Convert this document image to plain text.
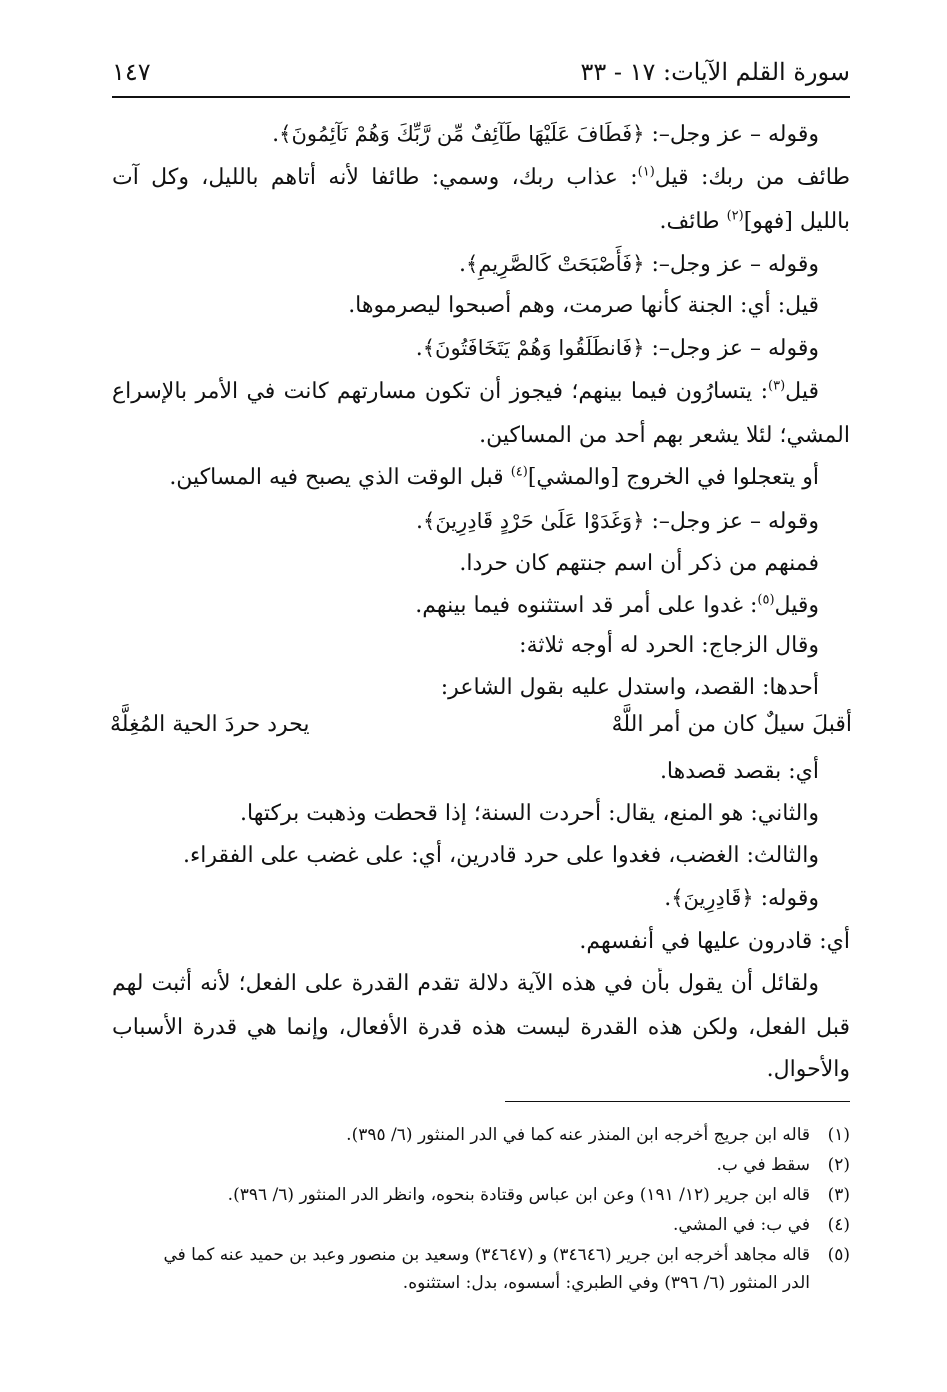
سورة القلم الآيات: ١٧ - ٣٣
١٤٧
وقوله – عز وجل–: ﴿فَطَافَ عَلَيْهَا طَآئِفٌ مِّن رَّبِّكَ وَهُمْ نَآئِمُونَ﴾.
طائف من ربك: قيل$^{(١)}$: عذاب ربك، وسمي: طائفا لأنه أتاهم بالليل، وكل آت
بالليل [فهو]$^{(٢)}$ طائف.
وقوله – عز وجل–: ﴿فَأَصْبَحَتْ كَالصَّرِيمِ﴾.
قيل: أي: الجنة كأنها صرمت، وهم أصبحوا ليصرموها.
وقوله – عز وجل–: ﴿فَانطَلَقُوا وَهُمْ يَتَخَافَتُونَ﴾.
قيل$^{(٣)}$: يتسارُون فيما بينهم؛ فيجوز أن تكون مسارتهم كانت في الأمر بالإسراع
المشي؛ لئلا يشعر بهم أحد من المساكين.
أو يتعجلوا في الخروج [والمشي]$^{(٤)}$ قبل الوقت الذي يصبح فيه المساكين.
وقوله – عز وجل–: ﴿وَغَدَوْا عَلَىٰ حَرْدٍ قَادِرِينَ﴾.
فمنهم من ذكر أن اسم جنتهم كان حردا.
وقيل$^{(٥)}$: غدوا على أمر قد استثنوه فيما بينهم.
وقال الزجاج: الحرد له أوجه ثلاثة:
أحدها: القصد، واستدل عليه بقول الشاعر:
أقبلَ سيلٌ كان من أمر اللَّهْ
يحرد حردَ الحية المُغِلَّهْ
أي: بقصد قصدها.
والثاني: هو المنع، يقال: أحردت السنة؛ إذا قحطت وذهبت بركتها.
والثالث: الغضب، فغدوا على حرد قادرين، أي: على غضب على الفقراء.
وقوله: ﴿قَادِرِينَ﴾.
أي: قادرون عليها في أنفسهم.
ولقائل أن يقول بأن في هذه الآية دلالة تقدم القدرة على الفعل؛ لأنه أثبت لهم
قبل الفعل، ولكن هذه القدرة ليست هذه قدرة الأفعال، وإنما هي قدرة الأسباب
والأحوال.
(١)قاله ابن جريج أخرجه ابن المنذر عنه كما في الدر المنثور (٦/ ٣٩٥).
(٢)سقط في ب.
(٣)قاله ابن جرير (١٢/ ١٩١) وعن ابن عباس وقتادة بنحوه، وانظر الدر المنثور (٦/ ٣٩٦).
(٤)في ب: في المشي.
(٥)قاله مجاهد أخرجه ابن جرير (٣٤٦٤٦) و (٣٤٦٤٧) وسعيد بن منصور وعبد بن حميد عنه كما في
الدر المنثور (٦/ ٣٩٦) وفي الطبري: أسسوه، بدل: استثنوه.
